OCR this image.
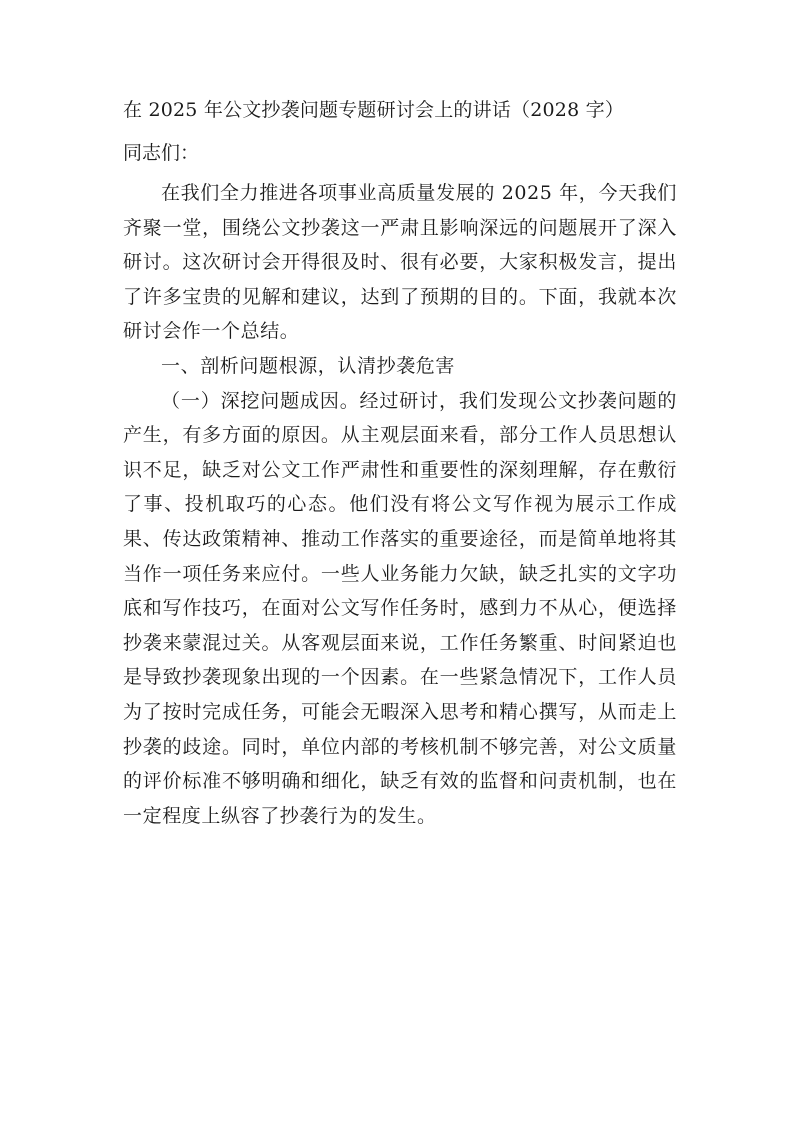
在 2025 年公文抄袭问题专题研讨会上的讲话（2028 字）
同志们：

在我们全力推进各项事业高质量发展的 2025 年，今天我们齐聚一堂，围绕公文抄袭这一严肃且影响深远的问题展开了深入研讨。这次研讨会开得很及时、很有必要，大家积极发言，提出了许多宝贵的见解和建议，达到了预期的目的。下面，我就本次研讨会作一个总结。

一、剖析问题根源，认清抄袭危害

（一）深挖问题成因。经过研讨，我们发现公文抄袭问题的产生，有多方面的原因。从主观层面来看，部分工作人员思想认识不足，缺乏对公文工作严肃性和重要性的深刻理解，存在敷衍了事、投机取巧的心态。他们没有将公文写作视为展示工作成果、传达政策精神、推动工作落实的重要途径，而是简单地将其当作一项任务来应付。一些人业务能力欠缺，缺乏扎实的文字功底和写作技巧，在面对公文写作任务时，感到力不从心，便选择抄袭来蒙混过关。从客观层面来说，工作任务繁重、时间紧迫也是导致抄袭现象出现的一个因素。在一些紧急情况下，工作人员为了按时完成任务，可能会无暇深入思考和精心撰写，从而走上抄袭的歧途。同时，单位内部的考核机制不够完善，对公文质量的评价标准不够明确和细化，缺乏有效的监督和问责机制，也在一定程度上纵容了抄袭行为的发生。
